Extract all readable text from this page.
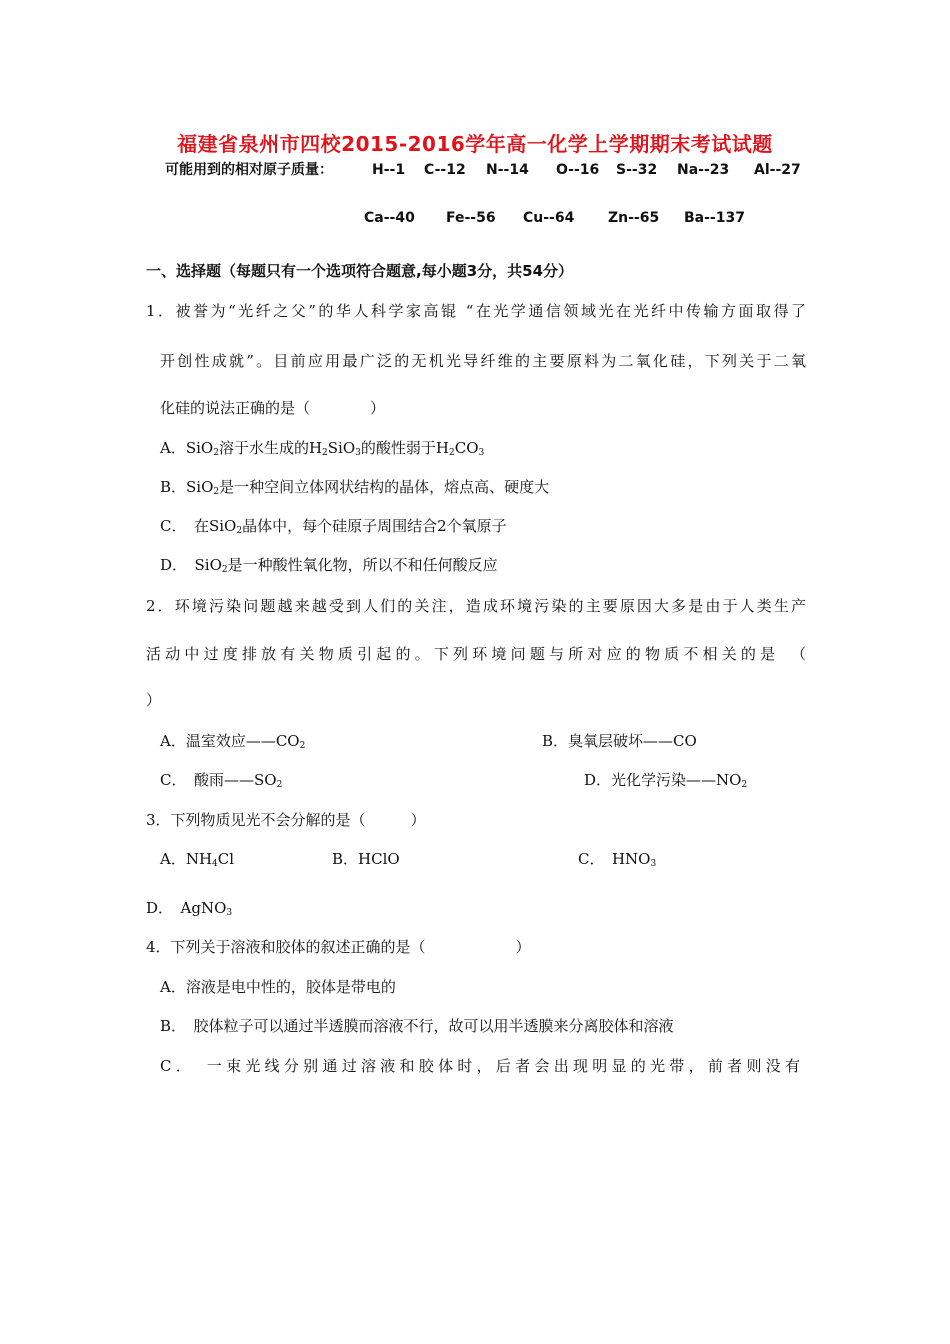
福建省泉州市四校2015-2016学年高一化学上学期期末考试试题
可能用到的相对原子质量：	H--1 C--12 N--14 O--16 S--32 Na--23 Al--27
Ca--40 Fe--56 Cu--64 Zn--65 Ba--137
一、选择题（每题只有一个选项符合题意,每小题3分，共54分）
1．被誉为“光纤之父”的华人科学家高锟 “在光学通信领域光在光纤中传输方面取得了
开创性成就”。目前应用最广泛的无机光导纤维的主要原料为二氧化硅，下列关于二氧
化硅的说法正确的是（　　　　）
A．SiO$_2$溶于水生成的$H_2SiO_3$的酸性弱于$H_2CO_3$
B．SiO$_2$是一种空间立体网状结构的晶体，熔点高、硬度大
C．　在SiO$_2$晶体中，每个硅原子周围结合2个氧原子
D．　SiO$_2$是一种酸性氧化物，所以不和任何酸反应
2．环境污染问题越来越受到人们的关注，造成环境污染的主要原因大多是由于人类生产
活动中过度排放有关物质引起的。下列环境问题与所对应的物质不相关的是　（
）
A．温室效应$——CO_2$	B．臭氧层破坏——CO
C．　酸雨$——SO_2$	D．光化学污染$——NO_2$
3．下列物质见光不会分解的是（　　　）
A．$NH_4Cl$	B．HClO	C．　$HNO_3$
D．　AgNO$_3$
4．下列关于溶液和胶体的叙述正确的是（　　　　　　）
A．溶液是电中性的，胶体是带电的
B．　胶体粒子可以通过半透膜而溶液不行，故可以用半透膜来分离胶体和溶液
C．　一束光线分别通过溶液和胶体时，后者会出现明显的光带，前者则没有
